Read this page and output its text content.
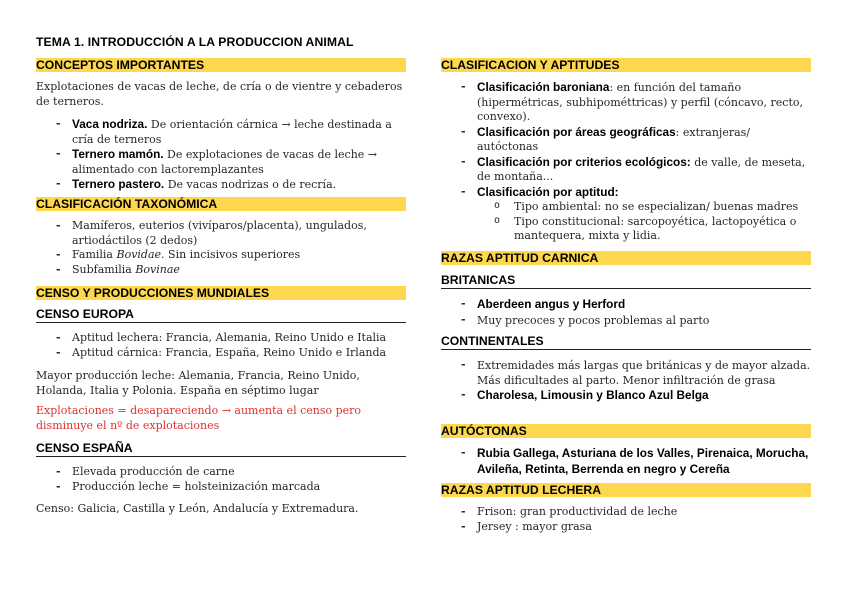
TEMA 1. INTRODUCCIÓN A LA PRODUCCION ANIMAL
CONCEPTOS IMPORTANTES
Explotaciones de vacas de leche, de cría o de vientre y cebaderos de terneros.
- Vaca nodriza. De orientación cárnica → leche destinada a cría de terneros
- Ternero mamón. De explotaciones de vacas de leche → alimentado con lactoremplazantes
- Ternero pastero. De vacas nodrizas o de recría.
CLASIFICACIÓN TAXONÓMICA
- Mamíferos, euterios (vivíparos/placenta), ungulados, artiodáctilos (2 dedos)
- Familia Bovidae. Sin incisivos superiores
- Subfamilia Bovinae
CENSO Y PRODUCCIONES MUNDIALES
CENSO EUROPA
- Aptitud lechera: Francia, Alemania, Reino Unido e Italia
- Aptitud cárnica: Francia, España, Reino Unido e Irlanda
Mayor producción leche: Alemania, Francia, Reino Unido, Holanda, Italia y Polonia. España en séptimo lugar
Explotaciones = desapareciendo → aumenta el censo pero disminuye el nº de explotaciones
CENSO ESPAÑA
- Elevada producción de carne
- Producción leche = holsteinización marcada
Censo: Galicia, Castilla y León, Andalucía y Extremadura.
CLASIFICACION Y APTITUDES
- Clasificación baroniana: en función del tamaño (hipermétricas, subhipométtricas) y perfil (cóncavo, recto, convexo).
- Clasificación por áreas geográficas: extranjeras/ autóctonas
- Clasificación por criterios ecológicos: de valle, de meseta, de montaña...
- Clasificación por aptitud:
o Tipo ambiental: no se especializan/ buenas madres
o Tipo constitucional: sarcopoyética, lactopoyética o mantequera, mixta y lidia.
RAZAS APTITUD CARNICA
BRITANICAS
- Aberdeen angus y Herford
- Muy precoces y pocos problemas al parto
CONTINENTALES
- Extremidades más largas que británicas y de mayor alzada. Más dificultades al parto. Menor infiltración de grasa
- Charolesa, Limousin y Blanco Azul Belga
AUTÓCTONAS
- Rubia Gallega, Asturiana de los Valles, Pirenaica, Morucha, Avileña, Retinta, Berrenda en negro y Cereña
RAZAS APTITUD LECHERA
- Frison: gran productividad de leche
- Jersey : mayor grasa
